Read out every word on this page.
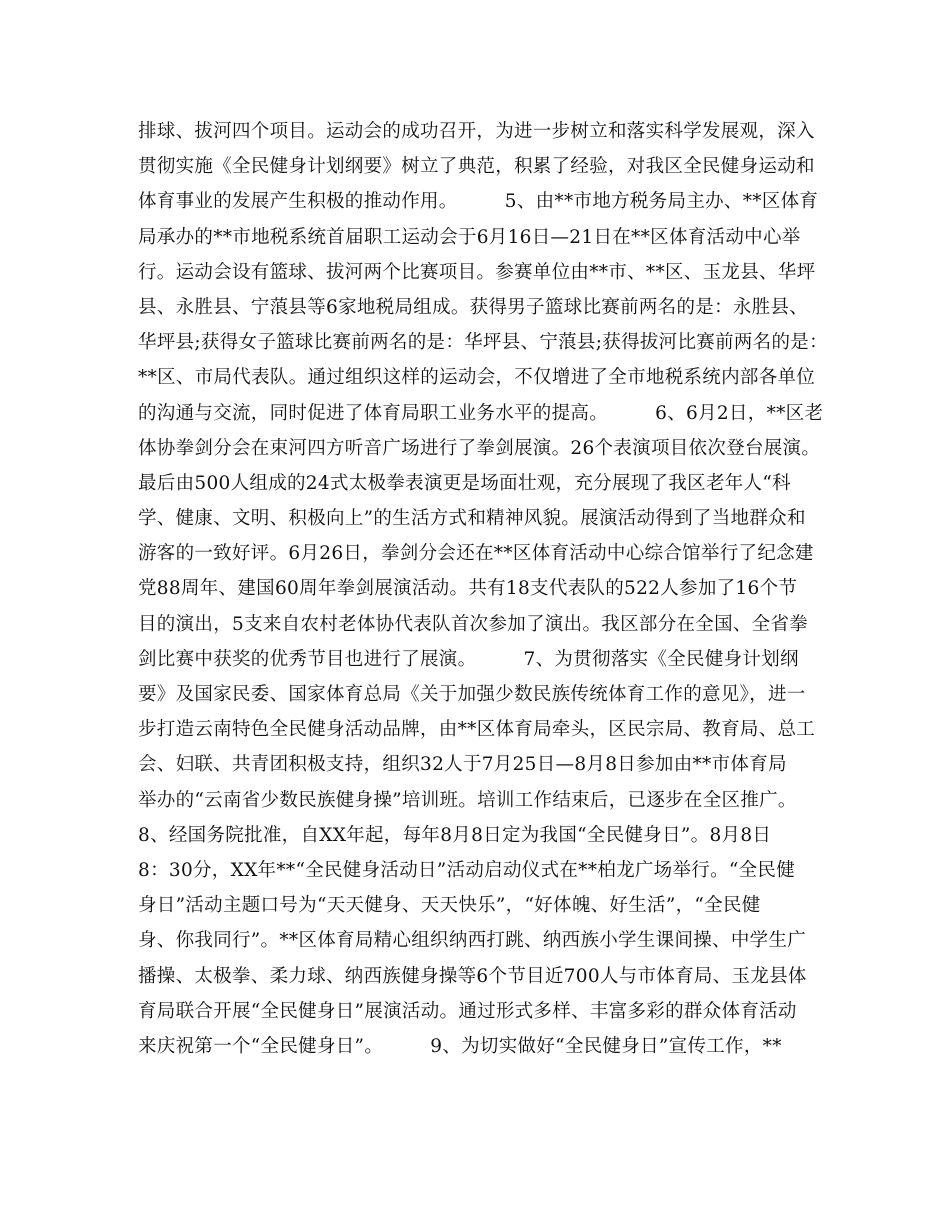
排球、拔河四个项目。运动会的成功召开，为进一步树立和落实科学发展观，深入
贯彻实施《全民健身计划纲要》树立了典范，积累了经验，对我区全民健身运动和
体育事业的发展产生积极的推动作用。　　　5、由**市地方税务局主办、**区体育
局承办的**市地税系统首届职工运动会于6月16日—21日在**区体育活动中心举
行。运动会设有篮球、拔河两个比赛项目。参赛单位由**市、**区、玉龙县、华坪
县、永胜县、宁蒗县等6家地税局组成。获得男子篮球比赛前两名的是：永胜县、
华坪县;获得女子篮球比赛前两名的是：华坪县、宁蒗县;获得拔河比赛前两名的是：
**区、市局代表队。通过组织这样的运动会，不仅增进了全市地税系统内部各单位
的沟通与交流，同时促进了体育局职工业务水平的提高。　　　6、6月2日，**区老
体协拳剑分会在束河四方听音广场进行了拳剑展演。26个表演项目依次登台展演。
最后由500人组成的24式太极拳表演更是场面壮观，充分展现了我区老年人“科
学、健康、文明、积极向上”的生活方式和精神风貌。展演活动得到了当地群众和
游客的一致好评。6月26日，拳剑分会还在**区体育活动中心综合馆举行了纪念建
党88周年、建国60周年拳剑展演活动。共有18支代表队的522人参加了16个节
目的演出，5支来自农村老体协代表队首次参加了演出。我区部分在全国、全省拳
剑比赛中获奖的优秀节目也进行了展演。　　　7、为贯彻落实《全民健身计划纲
要》及国家民委、国家体育总局《关于加强少数民族传统体育工作的意见》，进一
步打造云南特色全民健身活动品牌，由**区体育局牵头，区民宗局、教育局、总工
会、妇联、共青团积极支持，组织32人于7月25日—8月8日参加由**市体育局
举办的“云南省少数民族健身操”培训班。培训工作结束后，已逐步在全区推广。
8、经国务院批准，自XX年起，每年8月8日定为我国“全民健身日”。8月8日
8：30分，XX年**“全民健身活动日”活动启动仪式在**柏龙广场举行。“全民健
身日”活动主题口号为“天天健身、天天快乐”，“好体魄、好生活”，“全民健
身、你我同行”。**区体育局精心组织纳西打跳、纳西族小学生课间操、中学生广
播操、太极拳、柔力球、纳西族健身操等6个节目近700人与市体育局、玉龙县体
育局联合开展“全民健身日”展演活动。通过形式多样、丰富多彩的群众体育活动
来庆祝第一个“全民健身日”。　　　9、为切实做好“全民健身日”宣传工作，**
